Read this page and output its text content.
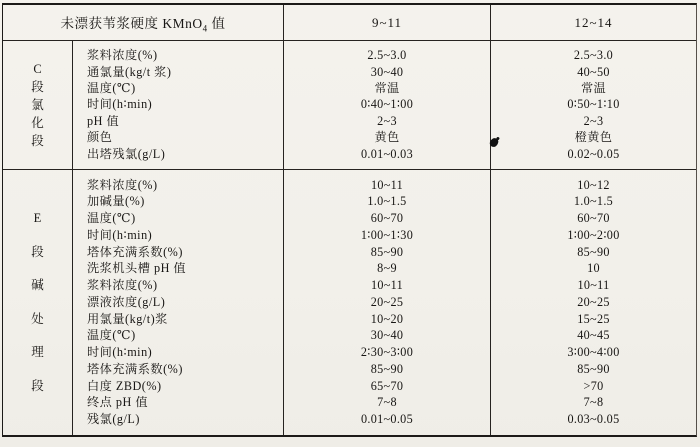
未漂获苇浆硬度 KMnO$_4$ 值	9~11	12~14
C
段
氯
化
段
浆料浓度(%)
通氯量(kg/t 浆)
温度(℃)
时间(h∶min)
pH 值
颜色
出塔残氯(g/L)
2.5~3.0
30~40
常温
0∶40~1∶00
2~3
黄色
0.01~0.03
2.5~3.0
40~50
常温
0∶50~1∶10
2~3
橙黄色
0.02~0.05
E
段
碱
处
理
段
浆料浓度(%)
加碱量(%)
温度(℃)
时间(h∶min)
塔体充满系数(%)
洗浆机头槽 pH 值
浆料浓度(%)
漂液浓度(g/L)
用氯量(kg/t)浆
温度(℃)
时间(h∶min)
塔体充满系数(%)
白度 ZBD(%)
终点 pH 值
残氯(g/L)
10~11
1.0~1.5
60~70
1∶00~1∶30
85~90
8~9
10~11
20~25
10~20
30~40
2∶30~3∶00
85~90
65~70
7~8
0.01~0.05
10~12
1.0~1.5
60~70
1∶00~2∶00
85~90
10
10~11
20~25
15~25
40~45
3∶00~4∶00
85~90
>70
7~8
0.03~0.05
